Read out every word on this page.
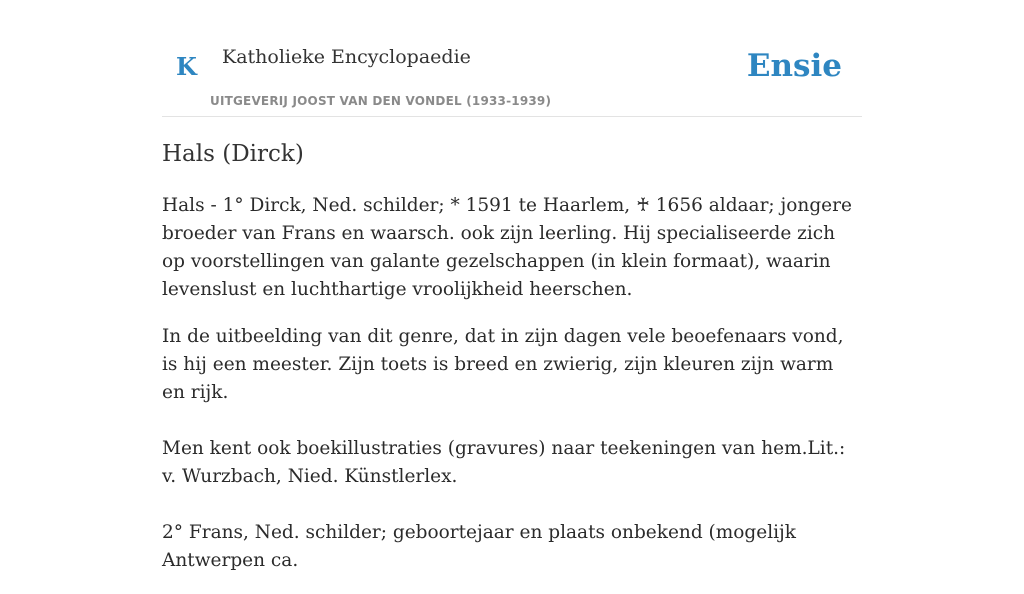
K Katholieke Encyclopaedie
UITGEVERIJ JOOST VAN DEN VONDEL (1933-1939)
Ensie
Hals (Dirck)

Hals - 1° Dirck, Ned. schilder; * 1591 te Haarlem, ♰ 1656 aldaar; jongere broeder van Frans en waarsch. ook zijn leerling. Hij specialiseerde zich op voorstellingen van galante gezelschappen (in klein formaat), waarin levenslust en luchthartige vroolijkheid heerschen.

In de uitbeelding van dit genre, dat in zijn dagen vele beoefenaars vond, is hij een meester. Zijn toets is breed en zwierig, zijn kleuren zijn warm en rijk.

Men kent ook boekillustraties (gravures) naar teekeningen van hem.Lit.: v. Wurzbach, Nied. Künstlerlex.

2° Frans, Ned. schilder; geboortejaar en plaats onbekend (mogelijk Antwerpen ca.
